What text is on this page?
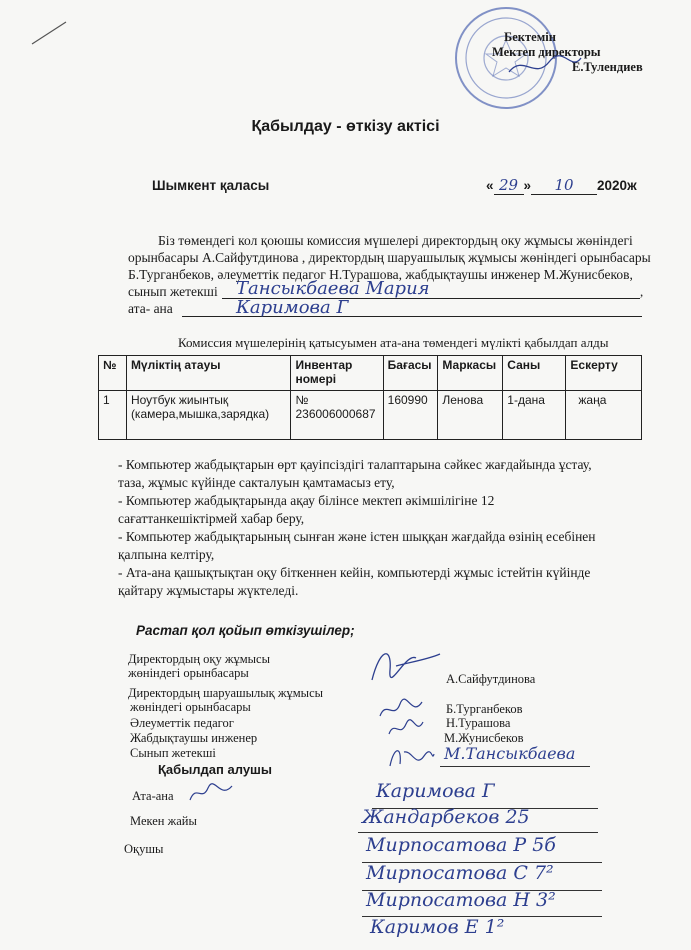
Бектемін
Мектеп директоры
Е.Тулендиев
Қабылдау - өткізу актісі
Шымкент қаласы	« 29 » 10 2020ж

Біз төмендегі кол қоюшы комиссия мүшелері директордың оку жұмысы жөніндегі

орынбасары А.Сайфутдинова , директордың шаруашылық жұмысы жөніндегі орынбасары

Б.Турганбеков, әлеуметтік педагог Н.Турашова, жабдықтаушы инженер М.Жунисбеков,

сынып жетекші

ата- ана

Тансыкбаева Мария	,
Каримова Г
Комиссия мүшелерінің қатысуымен ата-ана төмендегі мүлікті қабылдап алды
№	Мүліктің атауы	Инвентар номері	Бағасы	Маркасы	Саны	Ескерту
1	Ноутбук жиынтық (камера,мышка,зарядка)	№ 236006000687	160990	Ленова	1-дана	жаңа
- Компьютер жабдықтарын өрт қауіпсіздігі талаптарына сәйкес жағдайында ұстау,
таза, жұмыс күйінде сакталуын қамтамасыз ету,
- Компьютер жабдықтарында ақау білінсе мектеп әкімшілігіне 12
сағаттанкешіктірмей хабар беру,
- Компьютер жабдықтарының сынған және істен шыққан жағдайда өзінің есебінен
қалпына келтіру,
- Ата-ана қашықтықтан оқу біткеннен кейін, компьютерді жұмыс істейтін күйінде
қайтару жұмыстары жүктеледі.
Растап қол қойып өткізушілер;
Директордың оқу жұмысы
жөніндегі орынбасары	А.Сайфутдинова
Директордың шаруашылық жұмысы
жөніндегі орынбасары	Б.Турганбеков
Әлеуметтік педагог	Н.Турашова
Жабдықтаушы инженер	М.Жунисбеков
Сынып жетекші	М.Тансыкбаева
Қабылдап алушы
Ата-ана	Каримова Г
Мекен жайы	Жандарбеков 25
Оқушы	Мирпосатова Р 5б
Мирпосатова С 7²
Мирпосатова Н 3²
Каримов Е 1²
